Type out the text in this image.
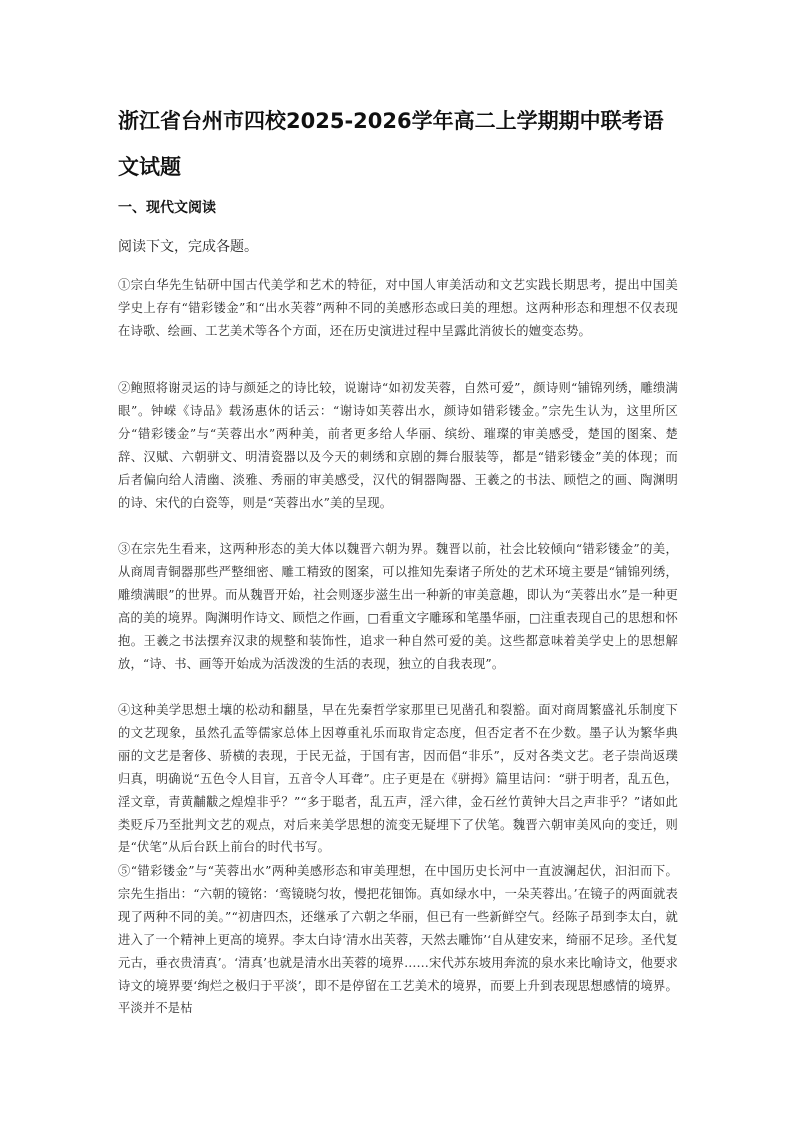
浙江省台州市四校2025-2026学年高二上学期期中联考语文试题
一、现代文阅读
阅读下文，完成各题。

①宗白华先生钻研中国古代美学和艺术的特征，对中国人审美活动和文艺实践长期思考，提出中国美学史上存有“错彩镂金”和“出水芙蓉”两种不同的美感形态或曰美的理想。这两种形态和理想不仅表现在诗歌、绘画、工艺美术等各个方面，还在历史演进过程中呈露此消彼长的嬗变态势。

②鲍照将谢灵运的诗与颜延之的诗比较，说谢诗“如初发芙蓉，自然可爱”，颜诗则“铺锦列绣，雕缋满眼”。钟嵘《诗品》载汤惠休的话云：“谢诗如芙蓉出水，颜诗如错彩镂金。”宗先生认为，这里所区分“错彩镂金”与“芙蓉出水”两种美，前者更多给人华丽、缤纷、璀璨的审美感受，楚国的图案、楚辞、汉赋、六朝骈文、明清瓷器以及今天的刺绣和京剧的舞台服装等，都是“错彩镂金”美的体现；而后者偏向给人清幽、淡雅、秀丽的审美感受，汉代的铜器陶器、王羲之的书法、顾恺之的画、陶渊明的诗、宋代的白瓷等，则是“芙蓉出水”美的呈现。

③在宗先生看来，这两种形态的美大体以魏晋六朝为界。魏晋以前，社会比较倾向“错彩镂金”的美，从商周青铜器那些严整细密、雕工精致的图案，可以推知先秦诸子所处的艺术环境主要是“铺锦列绣，雕缋满眼”的世界。而从魏晋开始，社会则逐步滋生出一种新的审美意趣，即认为“芙蓉出水”是一种更高的美的境界。陶渊明作诗文、顾恺之作画，□看重文字雕琢和笔墨华丽，□注重表现自己的思想和怀抱。王羲之书法摆弃汉隶的规整和装饰性，追求一种自然可爱的美。这些都意味着美学史上的思想解放，“诗、书、画等开始成为活泼泼的生活的表现，独立的自我表现”。

④这种美学思想土壤的松动和翻垦，早在先秦哲学家那里已见凿孔和裂豁。面对商周繁盛礼乐制度下的文艺现象，虽然孔孟等儒家总体上因尊重礼乐而取肯定态度，但否定者不在少数。墨子认为繁华典丽的文艺是奢侈、骄横的表现，于民无益，于国有害，因而倡“非乐”，反对各类文艺。老子崇尚返璞归真，明确说“五色令人目盲，五音令人耳聋”。庄子更是在《骈拇》篇里诘问：“骈于明者，乱五色，淫文章，青黄黼黻之煌煌非乎？”“多于聪者，乱五声，淫六律，金石丝竹黄钟大吕之声非乎？”诸如此类贬斥乃至批判文艺的观点，对后来美学思想的流变无疑埋下了伏笔。魏晋六朝审美风向的变迁，则是“伏笔”从后台跃上前台的时代书写。

⑤“错彩镂金”与“芙蓉出水”两种美感形态和审美理想，在中国历史长河中一直波澜起伏，汩汩而下。宗先生指出：“六朝的镜铭：‘鸾镜晓匀妆，慢把花钿饰。真如绿水中，一朵芙蓉出。’在镜子的两面就表现了两种不同的美。”“初唐四杰，还继承了六朝之华丽，但已有一些新鲜空气。经陈子昂到李太白，就进入了一个精神上更高的境界。李太白诗‘清水出芙蓉，天然去雕饰’‘自从建安来，绮丽不足珍。圣代复元古，垂衣贵清真’。‘清真’也就是清水出芙蓉的境界……宋代苏东坡用奔流的泉水来比喻诗文，他要求诗文的境界要‘绚烂之极归于平淡’，即不是停留在工艺美术的境界，而要上升到表现思想感情的境界。平淡并不是枯
